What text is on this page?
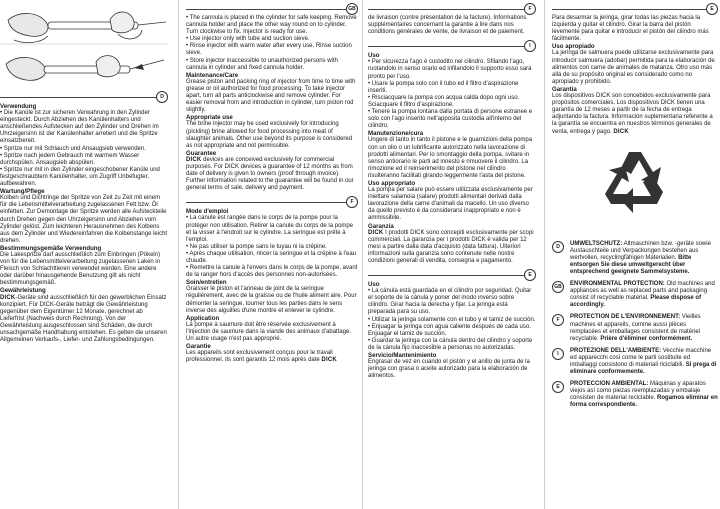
D

Verwendung

• Die Kanüle ist zur sicheren Verwahrung in den Zylinder eingesteckt. Durch Abziehen des Kanülenhalters und anschließendes Aufstecken auf den Zylinder und Drehen im Uhrzeigersinn ist der Kanülenhalter arretiert und die Spritze einsatzbereit.

• Spritze nur mit Schlauch und Ansaugsieb verwenden.

• Spritze nach jedem Gebrauch mit warmem Wasser durchspülen. Ansaugsieb abspülen.

• Spritze nur mit in den Zylinder eingeschobener Kanüle und festgeschraubtem Kanülenhalter, um Zugriff Unbefugter, aufbewahren.

Wartung/Pflege

Kolben und Dichtringe der Spritze von Zeit zu Zeit mit einem für die Lebensmittelverarbeitung zugelassenen Fett bzw. Öl einfetten. Zur Demontage der Spritze werden alle Aufsteckteile durch Drehen gegen den Uhrzeigersinn und Abziehen vom Zylinder gelöst. Zum leichteren Herausnehmen des Kolbens aus dem Zylinder und Wiedereinfahren die Kolbenstange leicht drehen.

Bestimmungsgemäße Verwendung

Die Lakespritze darf ausschließlich zum Einbringen (Pökeln) von für die Lebensmittelverarbeitung zugelassenen Laken in Fleisch von Schlachttieren verwendet werden. Eine andere oder darüber hinausgehende Benutzung gilt als nicht bestimmungsgemäß.

Gewährleistung

DICK-Geräte sind ausschließlich für den gewerblichen Einsatz konzipiert. Für DICK-Geräte beträgt die Gewährleistung gegenüber dem Eigentümer 12 Monate, gerechnet ab Lieferfrist (Nachweis durch Rechnung). Von der Gewährleistung ausgeschlossen sind Schäden, die durch unsachgemäße Handhabung entstehen. Es gelten die unseren Allgemeinen Verkaufs-, Liefer- und Zahlungsbedingungen.

GB

• The cannula is placed in the cylinder for safe keeping. Remove cannula holder and place the other way round on to cylinder. Turn clockwise to fix. Injector is ready for use.

• Use injector only with tube and suction sieve.

• Rinse injector with warm water after every use. Rinse suction sieve.

• Store injector inaccessible to unauthorized persons with cannula in cylinder and fixed cannula holder.

Maintenance/Care

Grease piston and packing ring of injector from time to time with grease or oil authorized for food processing. To take injector apart, turn all parts anticlockwise and remove cylinder. For easier removal from and introduction in cylinder, turn piston rod slightly.

Appropriate use

The brine injector may be used exclusively for introducing (pickling) brine allowed for food processing into meat of slaughter animals. Other use beyond its purpose is considered as not appropriate and not permissible.

Guarantee

DICK devices are conceived exclusively for commercial purposes. For DICK devices a guarantee of 12 months as from date of delivery is given to owners (proof through invoice). Further information related to the guarantee will be found in our general terms of sale, delivery and payment.

F

Mode d'emploi

• La canule est rangée dans le corps de la pompe pour la protéger non utilisation. Retirer la canule du corps de la pompe et la visser à l'endroit sur le cylindre. La seringue est prête à l'emploi.

• Ne pas utiliser la pompe sans le tuyau ni la crépine.

• Après chaque utilisation, rincer la seringue et la crépine à l'eau chaude.

• Remettre la canule à l'envers dans le corps de la pompe, avant de la ranger hors d'accès des personnes non-autorisées.

Soin/entretien

Graisser le piston et l'anneau de joint de la seringue régulièrement, avec de la graisse ou de l'huile aliment aire. Pour démonter la seringue, tourner tous les parties dans le sens inverse des aiguilles d'une montre et enlever le cylindre.

Application

La pompe à saumure doit être réservée exclusivement à l'injection de saumure dans la viande des animaux d'abattage. Un autre usage n'est pas approprié.

Garantie

Les appareils sont exclusivement conçus pour le travail professionnel. Ils sont garantis 12 mois après date DICK

F

de livraison (contre présentation de la facture). Informations supplémentaires concernant la garantie à lire dans nos conditions générales de vente, de livraison et de paiement.

I

Uso

• Per sicurezza l'ago è custodito nel cilindro. Sfilando l'ago, ruotandolo in senso orario ed infilandolo il supporto esso sarà pronto per l'uso.

• Usare la pompa solo con il tubo ed il filtro d'aspirazione inseriti.

• Risciacquare la pompa con acqua calda dopo ogni uso. Sciacquare il filtro d'aspirazione.

• Tenere la pompa lontana dalla portata di persone estranee e solo con l'ago inserito nell'apposita custodia all'interno del cilindro.

Manutenzione/cura

Ungere di tanto in tanto il pistone e le guarnizioni della pompa con un olio o un lubrificante autorizzato nella lavorazione di prodotti alimentari. Per lo smontaggio della pompa, svitare in senso antiorario le parti ad innesto e rimuovere il cilindro. La rimozione ed il reinserimento del pistone nel cilindro risulteranno facilitati girando leggermente l'asta del pistone.

Uso appropriato

La pompa per salare può essere utilizzata esclusivamente per iniettare salamoia (salare) prodotti alimentari derivati dalla lavorazione della carne d'animali da macello. Un uso diverso da quello previsto è da considerarsi inappropriato e non è ammissibile.

Garanzia

DICK I prodotti DICK sono concepiti esclusivamente per scopi commerciali. La garanzia per i prodotti DICK è valida per 12 mesi a partire dalla data d'acquisto (data fattura). Ulteriori informazioni sulla garanzia sono contenute nelle nostre condizioni generali di vendita, consegna e pagamento.

E

Uso

• La cánula está guardada en el cilindro por seguridad. Quitar el soporte de la cánula y poner del modo inverso sobre cilindro. Girar hacia la derecha y fijar. La jeringa está preparada para su uso.

• Utilizar la jeringa solamente con el tubo y el tamiz de succión.

• Enjuagar la jeringa con agua caliente después de cada uso. Enjuagar el tamiz de succión.

• Guardar la jeringa con la cánula dentro del cilindro y soporte de la cánula fijo inaccesible a personas no autorizadas.

Servicio/Mantenimiento

Engrasar de vez en cuando el pistón y el anillo de junta de la jeringa con grasa o aceite autorizado para la elaboración de alimentos.

E

Para desarmar la jeringa, girar todas las piezas hacia la izquierda y quitar el cilindro. Girar la barra del pistón levemente para quitar e introducir el pistón del cilindro más fácilmente.

Uso apropiado

La jeringa de salmuera puede utilizarse exclusivamente para introducir salmuera (adobar) permitida para la elaboración de alimentos con carne de animales de matanza. Otro uso más allá de su propósito original es considerado como no apropiado y prohibido.

Garantía

Los dispositivos DICK son concebidos exclusivamente para propósitos comerciales. Los dispositivos DICK tienen una garantía de 12 meses a partir de la fecha de entrega adjuntando la factura. Información suplementaria referente a la garantía se encuentra en nuestros términos generales de venta, entrega y pago. DICK

D	UMWELTSCHUTZ: Altmaschinen bzw. -geräte sowie Austauschteile und Verpackungen bestehen aus wertvollen, recyclingfähigen Materialien. Bitte entsorgen Sie diese umweltgerecht über entsprechend geeignete Sammelsysteme.
GB	ENVIRONMENTAL PROTECTION: Old machines and appliances as well as replaced parts and packaging consist of recyclable material. Please dispose of accordingly.
F	PROTECTION DE L'ENVIRONNEMENT: Vieilles machines et appareils, comme aussi pièces remplacées et emballages consistent de matériel recyclable. Prière d'éliminer conformément.
I	PROTEZIONE DELL'AMBIENTE: Vecchie macchine ed apparecchi così come le parti sostituite ed imballaggi consistono di materiali riciclabili. Si prega di eliminare conformemente.
E	PROTECCION AMBIENTAL: Máquinas y aparatos viejos así como piezas reemplazadas y embalaje consisten de material reciclable. Rogamos eliminar en forma correspondiente.
